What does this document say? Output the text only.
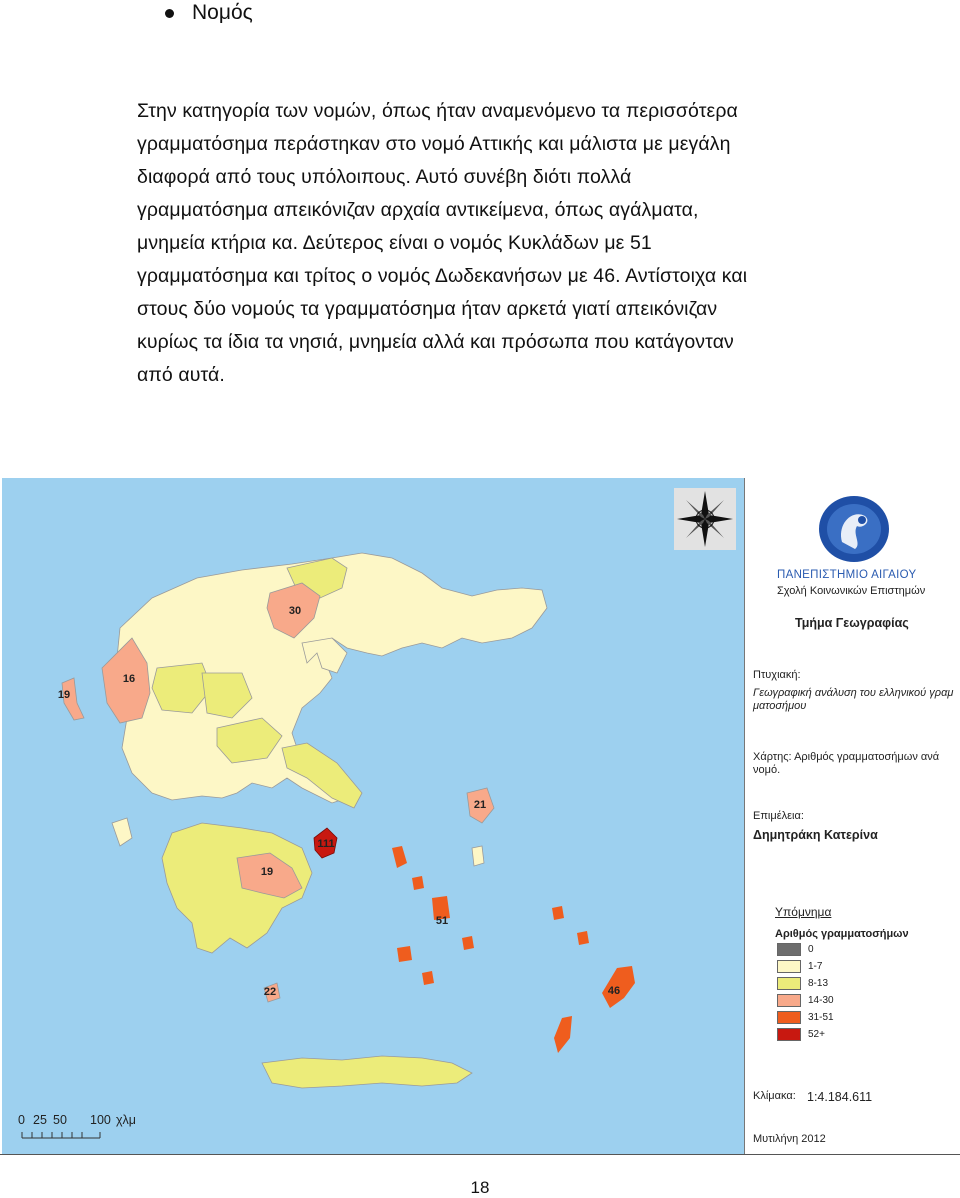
Νομός
Στην κατηγορία των νομών, όπως ήταν αναμενόμενο τα περισσότερα
γραμματόσημα περάστηκαν στο νομό Αττικής και μάλιστα με μεγάλη
διαφορά από τους υπόλοιπους. Αυτό συνέβη διότι πολλά
γραμματόσημα απεικόνιζαν αρχαία αντικείμενα, όπως αγάλματα,
μνημεία κτήρια κα. Δεύτερος είναι ο νομός Κυκλάδων με 51
γραμματόσημα και τρίτος ο νομός Δωδεκανήσων με 46. Αντίστοιχα και
στους δύο νομούς τα γραμματόσημα ήταν αρκετά γιατί απεικόνιζαν
κυρίως τα ίδια τα νησιά, μνημεία αλλά και πρόσωπα που κατάγονταν
από αυτά.
30
19
16
21
111
19
51
22	46
0 25 50 100 χλμ
ΠΑΝΕΠΙΣΤΗΜΙΟ ΑΙΓΑΙΟΥ
Σχολή Κοινωνικών Επιστημών
Τμήμα Γεωγραφίας
Πτυχιακή:
Γεωγραφική ανάλυση του ελληνικού γραμ
ματοσήμου
Χάρτης: Αριθμός γραμματοσήμων ανά
νομό.
Επιμέλεια:
Δημητράκη Κατερίνα
Υπόμνημα
Αριθμός γραμματοσήμων
0
1-7
8-13
14-30
31-51
52+
Κλίμακα: 1:4.184.611
Μυτιλήνη 2012
18
